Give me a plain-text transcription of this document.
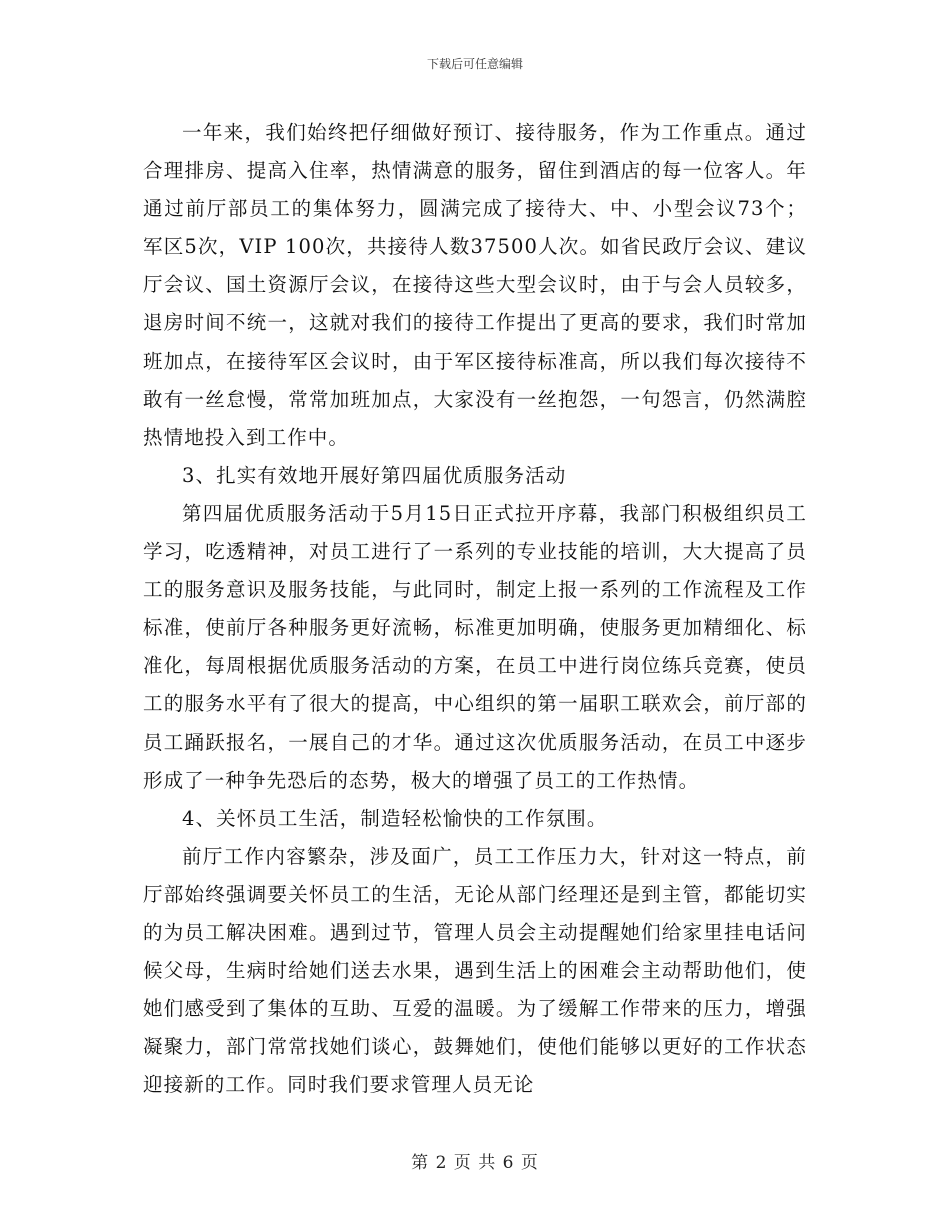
下载后可任意编辑

一年来，我们始终把仔细做好预订、接待服务，作为工作重点。通过合理排房、提高入住率，热情满意的服务，留住到酒店的每一位客人。年通过前厅部员工的集体努力，圆满完成了接待大、中、小型会议73个；军区5次，VIP 100次，共接待人数37500人次。如省民政厅会议、建议厅会议、国土资源厅会议，在接待这些大型会议时，由于与会人员较多，退房时间不统一，这就对我们的接待工作提出了更高的要求，我们时常加班加点，在接待军区会议时，由于军区接待标准高，所以我们每次接待不敢有一丝怠慢，常常加班加点，大家没有一丝抱怨，一句怨言，仍然满腔热情地投入到工作中。

3、扎实有效地开展好第四届优质服务活动

第四届优质服务活动于5月15日正式拉开序幕，我部门积极组织员工学习，吃透精神，对员工进行了一系列的专业技能的培训，大大提高了员工的服务意识及服务技能，与此同时，制定上报一系列的工作流程及工作标准，使前厅各种服务更好流畅，标准更加明确，使服务更加精细化、标准化，每周根据优质服务活动的方案，在员工中进行岗位练兵竞赛，使员工的服务水平有了很大的提高，中心组织的第一届职工联欢会，前厅部的员工踊跃报名，一展自己的才华。通过这次优质服务活动，在员工中逐步形成了一种争先恐后的态势，极大的增强了员工的工作热情。

4、关怀员工生活，制造轻松愉快的工作氛围。

前厅工作内容繁杂，涉及面广，员工工作压力大，针对这一特点，前厅部始终强调要关怀员工的生活，无论从部门经理还是到主管，都能切实的为员工解决困难。遇到过节，管理人员会主动提醒她们给家里挂电话问候父母，生病时给她们送去水果，遇到生活上的困难会主动帮助他们，使她们感受到了集体的互助、互爱的温暖。为了缓解工作带来的压力，增强凝聚力，部门常常找她们谈心，鼓舞她们，使他们能够以更好的工作状态迎接新的工作。同时我们要求管理人员无论

第 2 页 共 6 页
